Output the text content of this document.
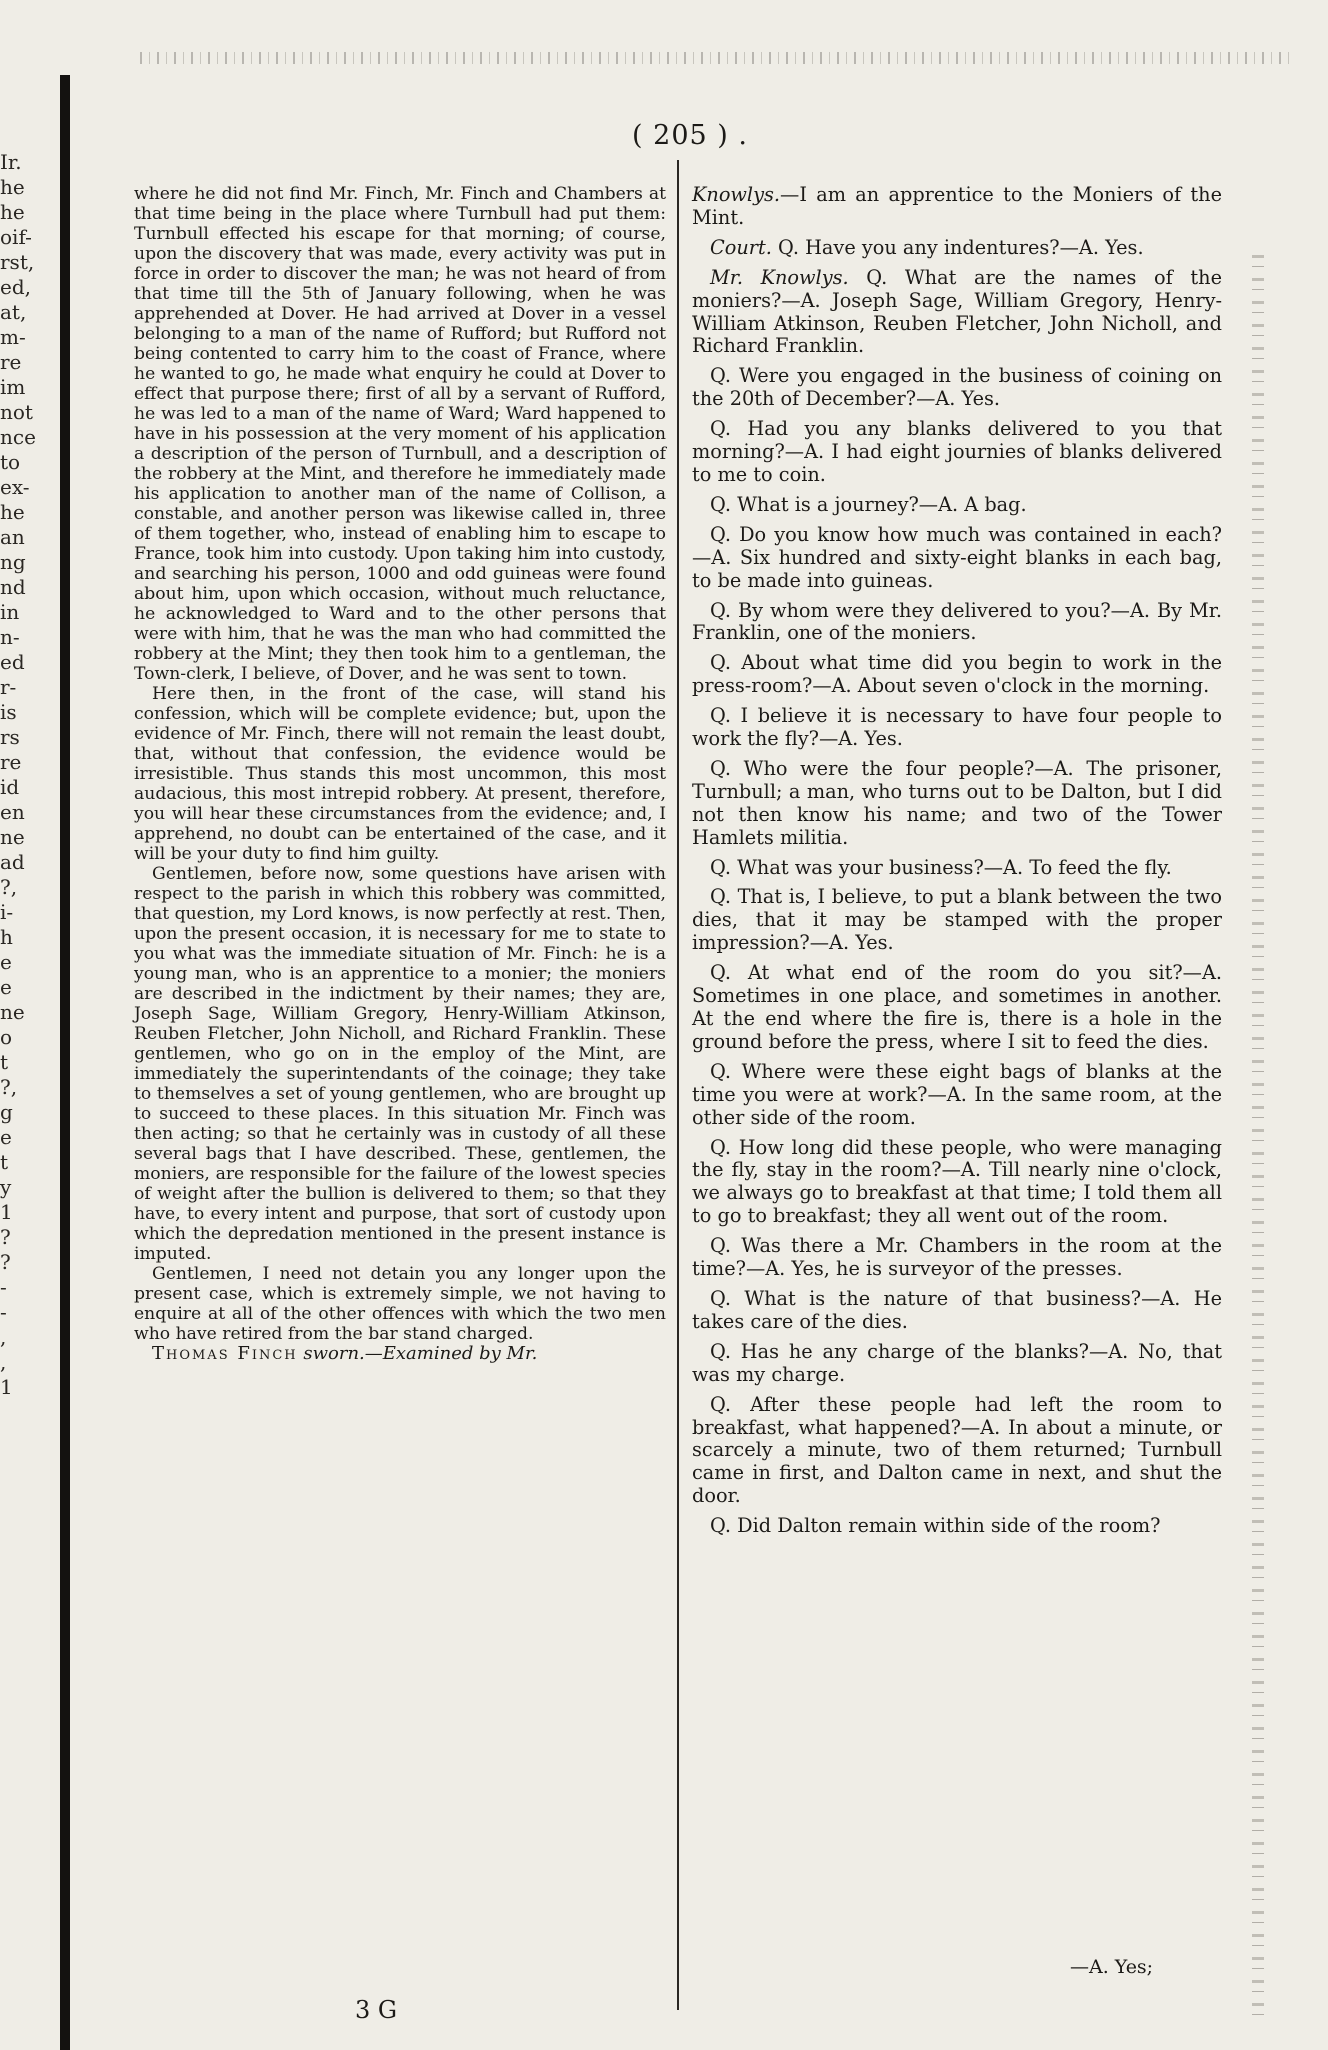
Ir.
he
he
oif-
rst,
ed,
at,
m-
re
im
not
nce
to
ex-
he
an
ng
nd
in
n-
ed
r-
is
rs
re
id
en
ne
ad
?,
i-
h
e
e
ne
o
t
?,
g
e
t
y
1
?
?
-
-
,
,
1
( 205 ) .

where he did not find Mr. Finch, Mr. Finch and Chambers at that time being in the place where Turnbull had put them: Turnbull effected his escape for that morning; of course, upon the discovery that was made, every activity was put in force in order to discover the man; he was not heard of from that time till the 5th of January following, when he was apprehended at Dover. He had arrived at Dover in a vessel belonging to a man of the name of Rufford; but Rufford not being contented to carry him to the coast of France, where he wanted to go, he made what enquiry he could at Dover to effect that purpose there; first of all by a servant of Rufford, he was led to a man of the name of Ward; Ward happened to have in his possession at the very moment of his application a description of the person of Turnbull, and a description of the robbery at the Mint, and therefore he immediately made his application to another man of the name of Collison, a constable, and another person was likewise called in, three of them together, who, instead of enabling him to escape to France, took him into custody. Upon taking him into custody, and searching his person, 1000 and odd guineas were found about him, upon which occasion, without much reluctance, he acknowledged to Ward and to the other persons that were with him, that he was the man who had committed the robbery at the Mint; they then took him to a gentleman, the Town-clerk, I believe, of Dover, and he was sent to town.

Here then, in the front of the case, will stand his confession, which will be complete evidence; but, upon the evidence of Mr. Finch, there will not remain the least doubt, that, without that confession, the evidence would be irresistible. Thus stands this most uncommon, this most audacious, this most intrepid robbery. At present, therefore, you will hear these circumstances from the evidence; and, I apprehend, no doubt can be entertained of the case, and it will be your duty to find him guilty.

Gentlemen, before now, some questions have arisen with respect to the parish in which this robbery was committed, that question, my Lord knows, is now perfectly at rest. Then, upon the present occasion, it is necessary for me to state to you what was the immediate situation of Mr. Finch: he is a young man, who is an apprentice to a monier; the moniers are described in the indictment by their names; they are, Joseph Sage, William Gregory, Henry-William Atkinson, Reuben Fletcher, John Nicholl, and Richard Franklin. These gentlemen, who go on in the employ of the Mint, are immediately the superintendants of the coinage; they take to themselves a set of young gentlemen, who are brought up to succeed to these places. In this situation Mr. Finch was then acting; so that he certainly was in custody of all these several bags that I have described. These, gentlemen, the moniers, are responsible for the failure of the lowest species of weight after the bullion is delivered to them; so that they have, to every intent and purpose, that sort of custody upon which the depredation mentioned in the present instance is imputed.

Gentlemen, I need not detain you any longer upon the present case, which is extremely simple, we not having to enquire at all of the other offences with which the two men who have retired from the bar stand charged.

Thomas Finch sworn.—Examined by Mr.

3 G

Knowlys.—I am an apprentice to the Moniers of the Mint.

Court. Q. Have you any indentures?—A. Yes.

Mr. Knowlys. Q. What are the names of the moniers?—A. Joseph Sage, William Gregory, Henry-William Atkinson, Reuben Fletcher, John Nicholl, and Richard Franklin.

Q. Were you engaged in the business of coining on the 20th of December?—A. Yes.

Q. Had you any blanks delivered to you that morning?—A. I had eight journies of blanks delivered to me to coin.

Q. What is a journey?—A. A bag.

Q. Do you know how much was contained in each?—A. Six hundred and sixty-eight blanks in each bag, to be made into guineas.

Q. By whom were they delivered to you?—A. By Mr. Franklin, one of the moniers.

Q. About what time did you begin to work in the press-room?—A. About seven o'clock in the morning.

Q. I believe it is necessary to have four people to work the fly?—A. Yes.

Q. Who were the four people?—A. The prisoner, Turnbull; a man, who turns out to be Dalton, but I did not then know his name; and two of the Tower Hamlets militia.

Q. What was your business?—A. To feed the fly.

Q. That is, I believe, to put a blank between the two dies, that it may be stamped with the proper impression?—A. Yes.

Q. At what end of the room do you sit?—A. Sometimes in one place, and sometimes in another. At the end where the fire is, there is a hole in the ground before the press, where I sit to feed the dies.

Q. Where were these eight bags of blanks at the time you were at work?—A. In the same room, at the other side of the room.

Q. How long did these people, who were managing the fly, stay in the room?—A. Till nearly nine o'clock, we always go to breakfast at that time; I told them all to go to breakfast; they all went out of the room.

Q. Was there a Mr. Chambers in the room at the time?—A. Yes, he is surveyor of the presses.

Q. What is the nature of that business?—A. He takes care of the dies.

Q. Has he any charge of the blanks?—A. No, that was my charge.

Q. After these people had left the room to breakfast, what happened?—A. In about a minute, or scarcely a minute, two of them returned; Turnbull came in first, and Dalton came in next, and shut the door.

Q. Did Dalton remain within side of the room?

—A. Yes;
